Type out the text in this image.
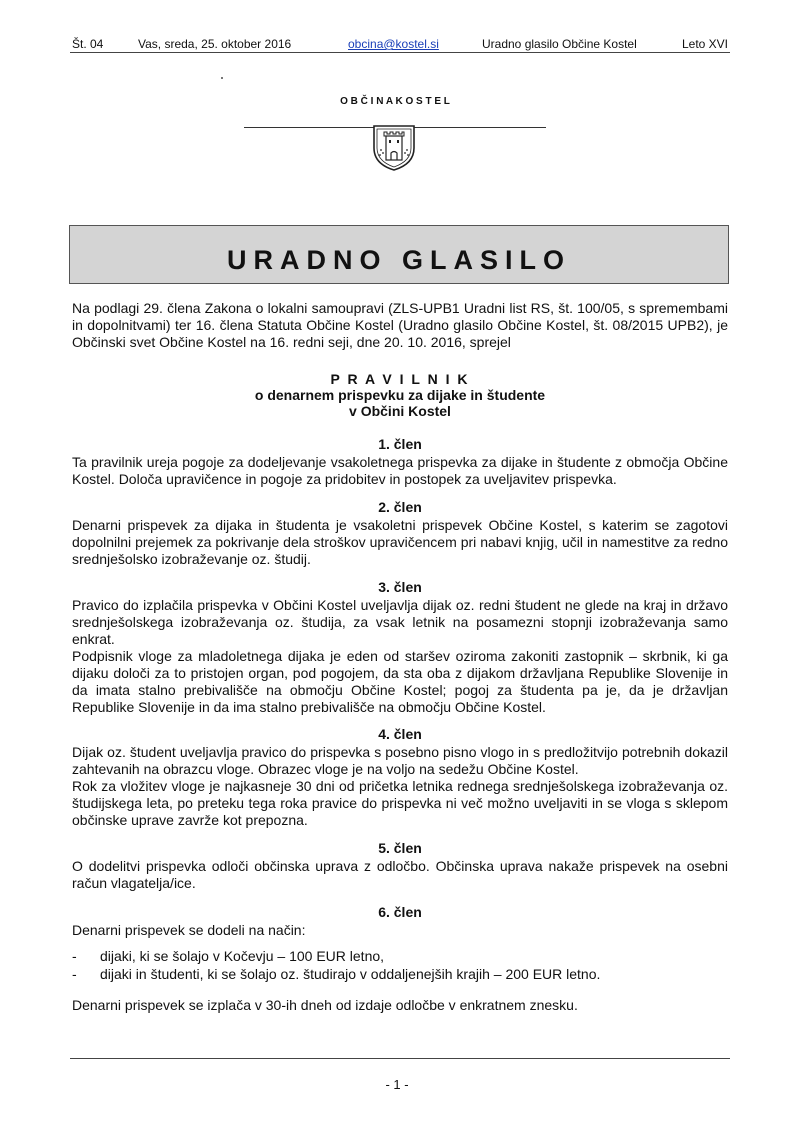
Št. 04	Vas, sreda, 25. oktober 2016	obcina@kostel.si	Uradno glasilo Občine Kostel	Leto XVI
O B Č I N A K O S T E L
URADNO GLASILO
Na podlagi 29. člena Zakona o lokalni samoupravi (ZLS-UPB1 Uradni list RS, št. 100/05, s spremembami in dopolnitvami) ter 16. člena Statuta Občine Kostel (Uradno glasilo Občine Kostel, št. 08/2015 UPB2), je Občinski svet Občine Kostel na 16. redni seji, dne 20. 10. 2016, sprejel
P R A V I L N I K
o denarnem prispevku za dijake in študente
v Občini Kostel
1. člen

Ta pravilnik ureja pogoje za dodeljevanje vsakoletnega prispevka za dijake in študente z območja Občine Kostel. Določa upravičence in pogoje za pridobitev in postopek za uveljavitev prispevka.

2. člen

Denarni prispevek za dijaka in študenta je vsakoletni prispevek Občine Kostel, s katerim se zagotovi dopolnilni prejemek za pokrivanje dela stroškov upravičencem pri nabavi knjig, učil in namestitve za redno srednješolsko izobraževanje oz. študij.

3. člen

Pravico do izplačila prispevka v Občini Kostel uveljavlja dijak oz. redni študent ne glede na kraj in državo srednješolskega izobraževanja oz. študija, za vsak letnik na posamezni stopnji izobraževanja samo enkrat.

Podpisnik vloge za mladoletnega dijaka je eden od staršev oziroma zakoniti zastopnik – skrbnik, ki ga dijaku določi za to pristojen organ, pod pogojem, da sta oba z dijakom državljana Republike Slovenije in da imata stalno prebivališče na območju Občine Kostel; pogoj za študenta pa je, da je državljan Republike Slovenije in da ima stalno prebivališče na območju Občine Kostel.

4. člen

Dijak oz. študent uveljavlja pravico do prispevka s posebno pisno vlogo in s predložitvijo potrebnih dokazil zahtevanih na obrazcu vloge. Obrazec vloge je na voljo na sedežu Občine Kostel.

Rok za vložitev vloge je najkasneje 30 dni od pričetka letnika rednega srednješolskega izobraževanja oz. študijskega leta, po preteku tega roka pravice do prispevka ni več možno uveljaviti in se vloga s sklepom občinske uprave zavrže kot prepozna.

5. člen

O dodelitvi prispevka odloči občinska uprava z odločbo. Občinska uprava nakaže prispevek na osebni račun vlagatelja/ice.

6. člen

Denarni prispevek se dodeli na način:

- dijaki, ki se šolajo v Kočevju – 100 EUR letno,
- dijaki in študenti, ki se šolajo oz. študirajo v oddaljenejših krajih – 200 EUR letno.
Denarni prispevek se izplača v 30-ih dneh od izdaje odločbe v enkratnem znesku.
- 1 -
